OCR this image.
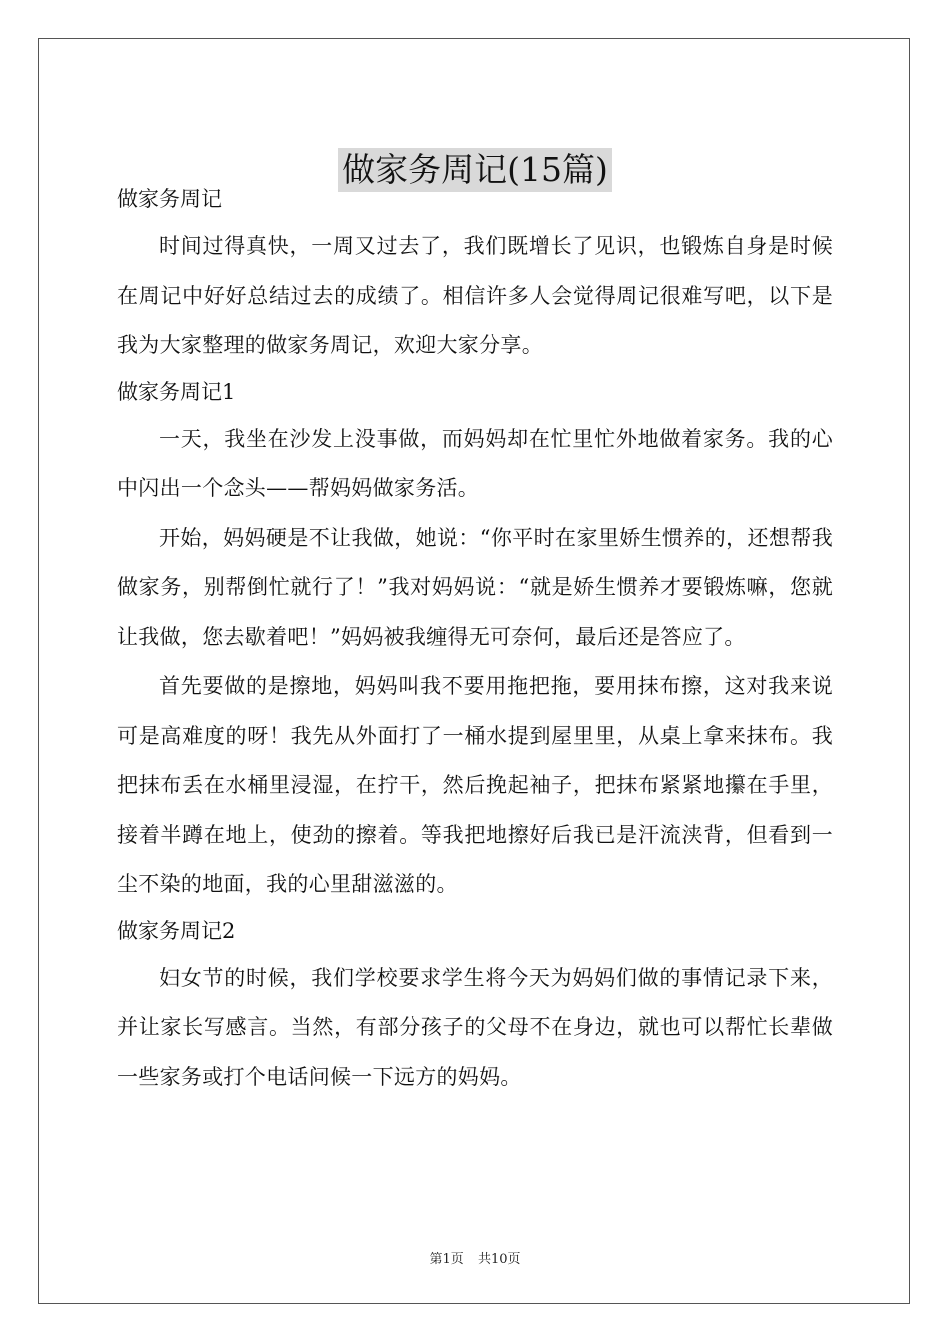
做家务周记(15篇)

做家务周记

时间过得真快，一周又过去了，我们既增长了见识，也锻炼自身是时候在周记中好好总结过去的成绩了。相信许多人会觉得周记很难写吧，以下是我为大家整理的做家务周记，欢迎大家分享。

做家务周记1

一天，我坐在沙发上没事做，而妈妈却在忙里忙外地做着家务。我的心中闪出一个念头——帮妈妈做家务活。

开始，妈妈硬是不让我做，她说：“你平时在家里娇生惯养的，还想帮我做家务，别帮倒忙就行了！”我对妈妈说：“就是娇生惯养才要锻炼嘛，您就让我做，您去歇着吧！”妈妈被我缠得无可奈何，最后还是答应了。

首先要做的是擦地，妈妈叫我不要用拖把拖，要用抹布擦，这对我来说可是高难度的呀！我先从外面打了一桶水提到屋里里，从桌上拿来抹布。我把抹布丢在水桶里浸湿，在拧干，然后挽起袖子，把抹布紧紧地攥在手里，接着半蹲在地上，使劲的擦着。等我把地擦好后我已是汗流浃背，但看到一尘不染的地面，我的心里甜滋滋的。

做家务周记2

妇女节的时候，我们学校要求学生将今天为妈妈们做的事情记录下来，并让家长写感言。当然，有部分孩子的父母不在身边，就也可以帮忙长辈做一些家务或打个电话问候一下远方的妈妈。

第1页 共10页
